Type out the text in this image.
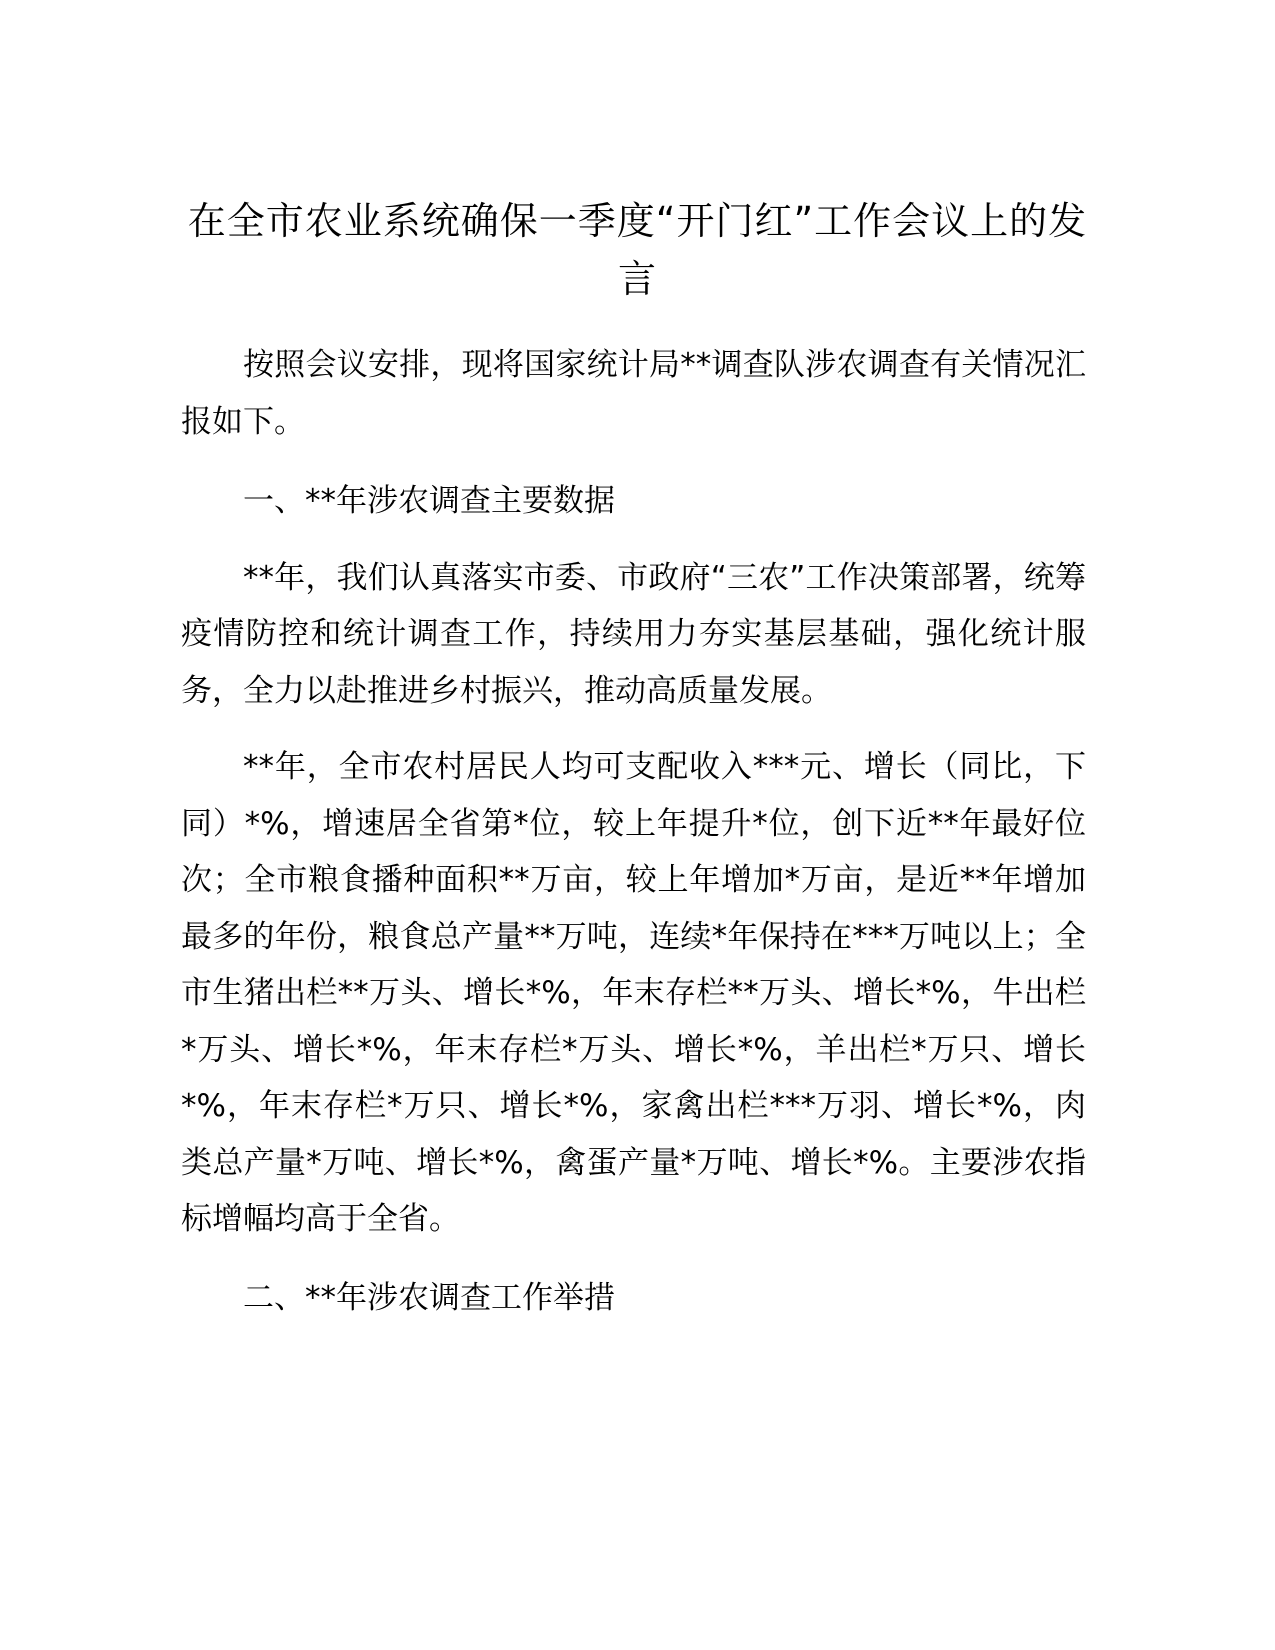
在全市农业系统确保一季度“开门红”工作会议上的发言

按照会议安排，现将国家统计局**调查队涉农调查有关情况汇报如下。

一、**年涉农调查主要数据

**年，我们认真落实市委、市政府“三农”工作决策部署，统筹疫情防控和统计调查工作，持续用力夯实基层基础，强化统计服务，全力以赴推进乡村振兴，推动高质量发展。

**年，全市农村居民人均可支配收入***元、增长（同比，下同）*%，增速居全省第*位，较上年提升*位，创下近**年最好位次；全市粮食播种面积**万亩，较上年增加*万亩，是近**年增加最多的年份，粮食总产量**万吨，连续*年保持在***万吨以上；全市生猪出栏**万头、增长*%，年末存栏**万头、增长*%，牛出栏*万头、增长*%，年末存栏*万头、增长*%，羊出栏*万只、增长*%，年末存栏*万只、增长*%，家禽出栏***万羽、增长*%，肉类总产量*万吨、增长*%，禽蛋产量*万吨、增长*%。主要涉农指标增幅均高于全省。

二、**年涉农调查工作举措
